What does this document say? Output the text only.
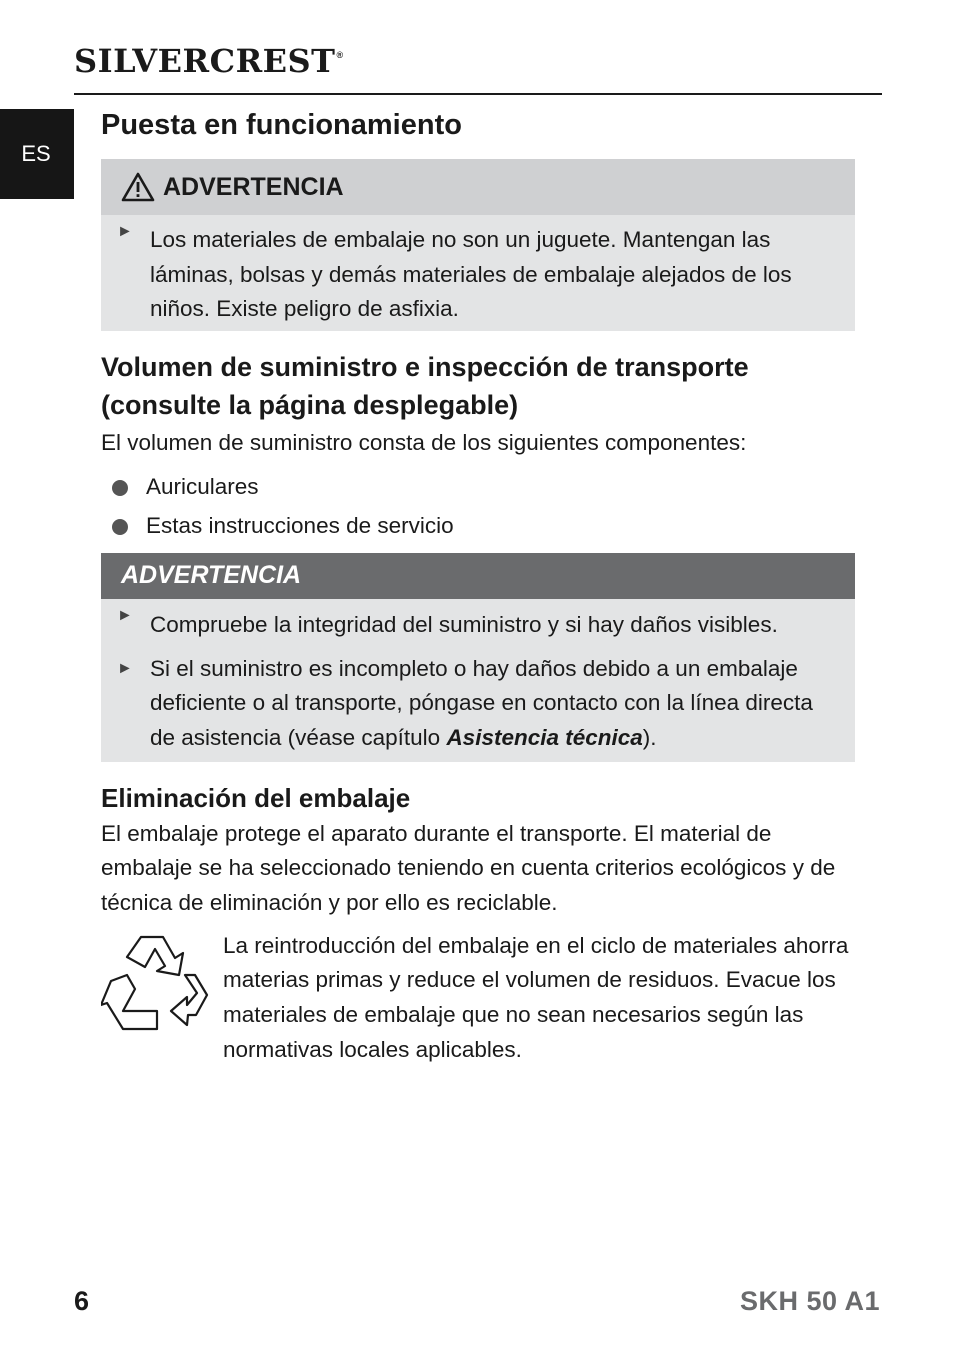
SILVERCREST®
ES
Puesta en funcionamiento
ADVERTENCIA
► Los materiales de embalaje no son un juguete. Mantengan las láminas, bolsas y demás materiales de embalaje alejados de los niños. Existe peligro de asfixia.
Volumen de suministro e inspección de transporte (consulte la página desplegable)

El volumen de suministro consta de los siguientes componentes:

Auriculares
Estas instrucciones de servicio
ADVERTENCIA
► Compruebe la integridad del suministro y si hay daños visibles.
► Si el suministro es incompleto o hay daños debido a un embalaje deficiente o al transporte, póngase en contacto con la línea directa de asistencia (véase capítulo Asistencia técnica).
Eliminación del embalaje

El embalaje protege el aparato durante el transporte. El material de embalaje se ha seleccionado teniendo en cuenta criterios ecológicos y de técnica de eliminación y por ello es reciclable.

La reintroducción del embalaje en el ciclo de materiales ahorra materias primas y reduce el volumen de residuos. Evacue los materiales de embalaje que no sean necesarios según las normativas locales aplicables.
6	SKH 50 A1
